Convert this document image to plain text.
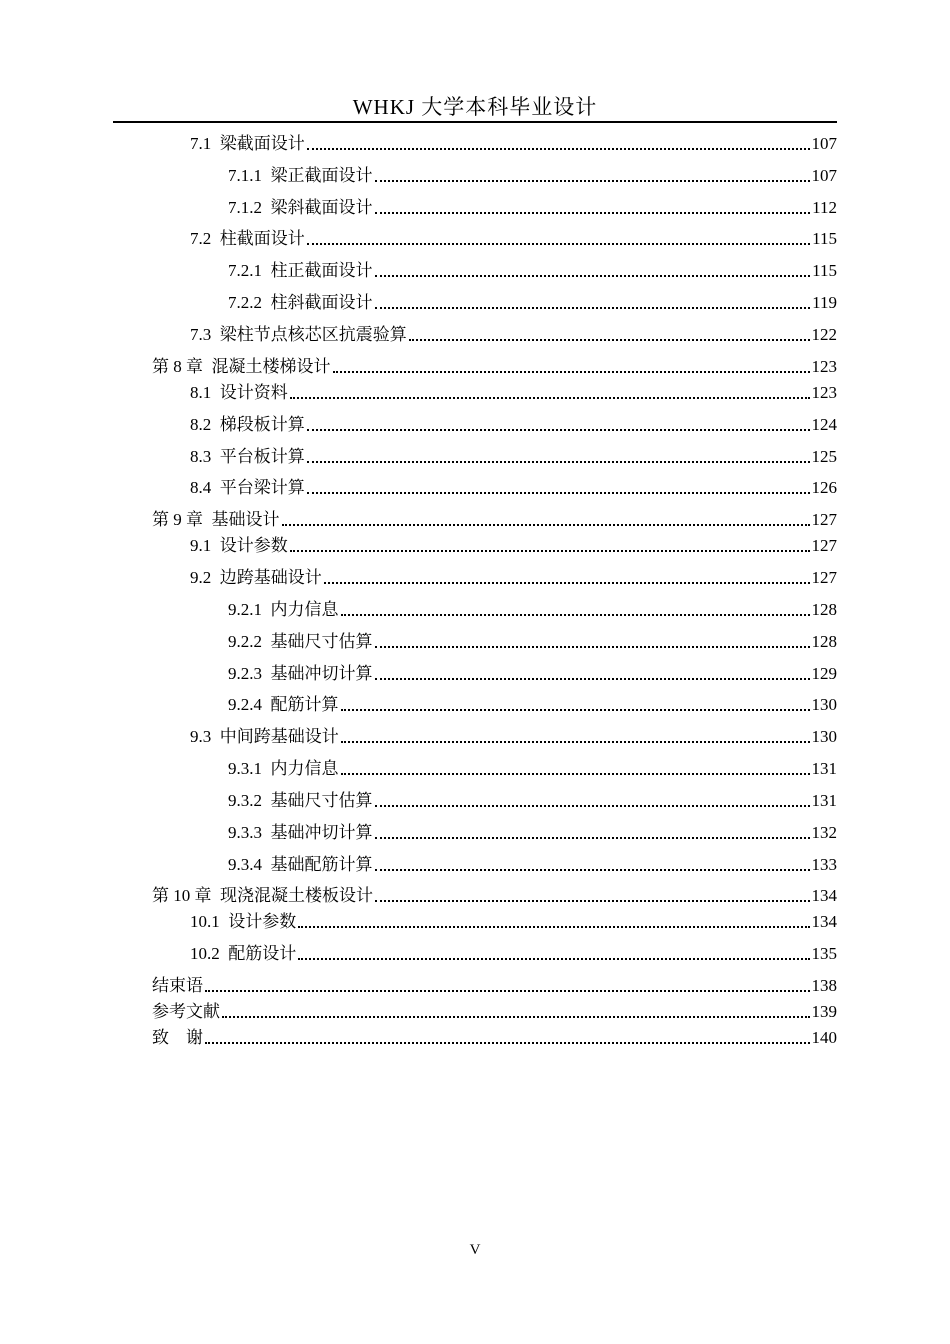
WHKJ 大学本科毕业设计
7.1 梁截面设计	107
7.1.1 梁正截面设计	107
7.1.2 梁斜截面设计	112
7.2 柱截面设计	115
7.2.1 柱正截面设计	115
7.2.2 柱斜截面设计	119
7.3 梁柱节点核芯区抗震验算	122
第 8 章 混凝土楼梯设计	123
8.1 设计资料	123
8.2 梯段板计算	124
8.3 平台板计算	125
8.4 平台梁计算	126
第 9 章 基础设计	127
9.1 设计参数	127
9.2 边跨基础设计	127
9.2.1 内力信息	128
9.2.2 基础尺寸估算	128
9.2.3 基础冲切计算	129
9.2.4 配筋计算	130
9.3 中间跨基础设计	130
9.3.1 内力信息	131
9.3.2 基础尺寸估算	131
9.3.3 基础冲切计算	132
9.3.4 基础配筋计算	133
第 10 章 现浇混凝土楼板设计	134
10.1 设计参数	134
10.2 配筋设计	135
结束语	138
参考文献	139
致　谢	140
V
